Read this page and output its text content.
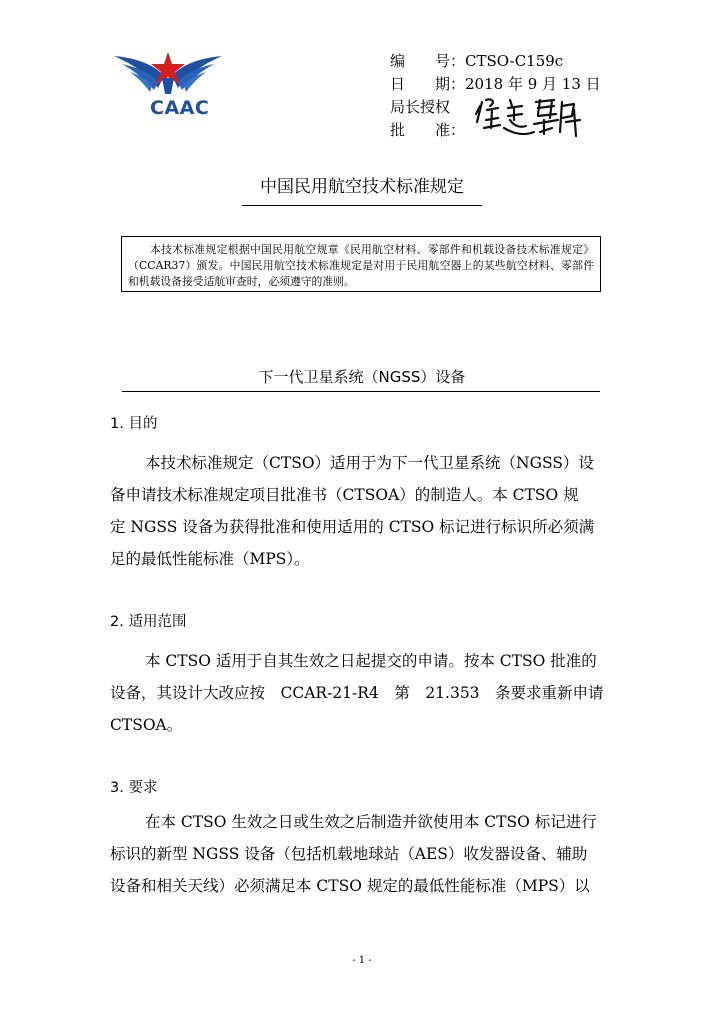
CAAC
编　　号： CTSO-C159c
日　　期： 2018 年 9 月 13 日
局长授权
批　　准：
中国民用航空技术标准规定
本技术标准规定根据中国民用航空规章《民用航空材料、零部件和机载设备技术标准规定》（CCAR37）颁发。中国民用航空技术标准规定是对用于民用航空器上的某些航空材料、零部件和机载设备接受适航审查时，必须遵守的准则。
下一代卫星系统（NGSS）设备
1. 目的
本技术标准规定（CTSO）适用于为下一代卫星系统（NGSS）设
备申请技术标准规定项目批准书（CTSOA）的制造人。本 CTSO 规
定 NGSS 设备为获得批准和使用适用的 CTSO 标记进行标识所必须满
足的最低性能标准（MPS）。
2. 适用范围
本 CTSO 适用于自其生效之日起提交的申请。按本 CTSO 批准的
设备，其设计大改应按　CCAR-21-R4　第　21.353　条要求重新申请
CTSOA。
3. 要求
在本 CTSO 生效之日或生效之后制造并欲使用本 CTSO 标记进行
标识的新型 NGSS 设备（包括机载地球站（AES）收发器设备、辅助
设备和相关天线）必须满足本 CTSO 规定的最低性能标准（MPS）以
- 1 -
